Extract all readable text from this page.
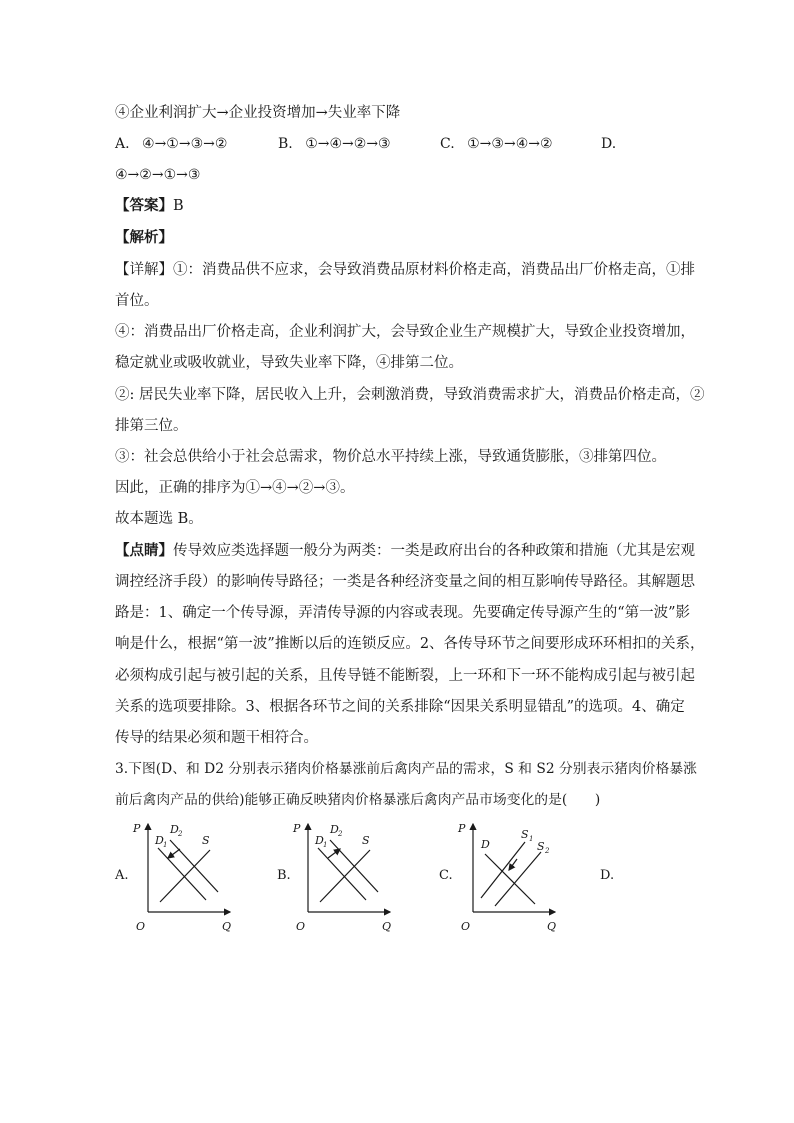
④企业利润扩大→企业投资增加→失业率下降
A. ④→①→③→②	B. ①→④→②→③	C. ①→③→④→②	D.
④→②→①→③
【答案】B
【解析】
【详解】①：消费品供不应求，会导致消费品原材料价格走高，消费品出厂价格走高，①排
首位。
④：消费品出厂价格走高，企业利润扩大，会导致企业生产规模扩大，导致企业投资增加，
稳定就业或吸收就业，导致失业率下降，④排第二位。
②: 居民失业率下降，居民收入上升，会刺激消费，导致消费需求扩大，消费品价格走高，②
排第三位。
③：社会总供给小于社会总需求，物价总水平持续上涨，导致通货膨胀，③排第四位。
因此，正确的排序为①→④→②→③。
故本题选 B。
【点睛】传导效应类选择题一般分为两类：一类是政府出台的各种政策和措施（尤其是宏观
调控经济手段）的影响传导路径；一类是各种经济变量之间的相互影响传导路径。其解题思
路是：1、确定一个传导源，弄清传导源的内容或表现。先要确定传导源产生的“第一波”影
响是什么，根据“第一波”推断以后的连锁反应。2、各传导环节之间要形成环环相扣的关系，
必须构成引起与被引起的关系，且传导链不能断裂，上一环和下一环不能构成引起与被引起
关系的选项要排除。3、根据各环节之间的关系排除“因果关系明显错乱”的选项。4、确定
传导的结果必须和题干相符合。
3.下图(D、和 D2 分别表示猪肉价格暴涨前后禽肉产品的需求，S 和 S2 分别表示猪肉价格暴涨
前后禽肉产品的供给)能够正确反映猪肉价格暴涨后禽肉产品市场变化的是(　　)
A.	B.	C.	D.
P
Q
O
D 1
D 2 S
P
Q
O
D 1
D 2 S
P
Q
O
D
S 1
S 2
